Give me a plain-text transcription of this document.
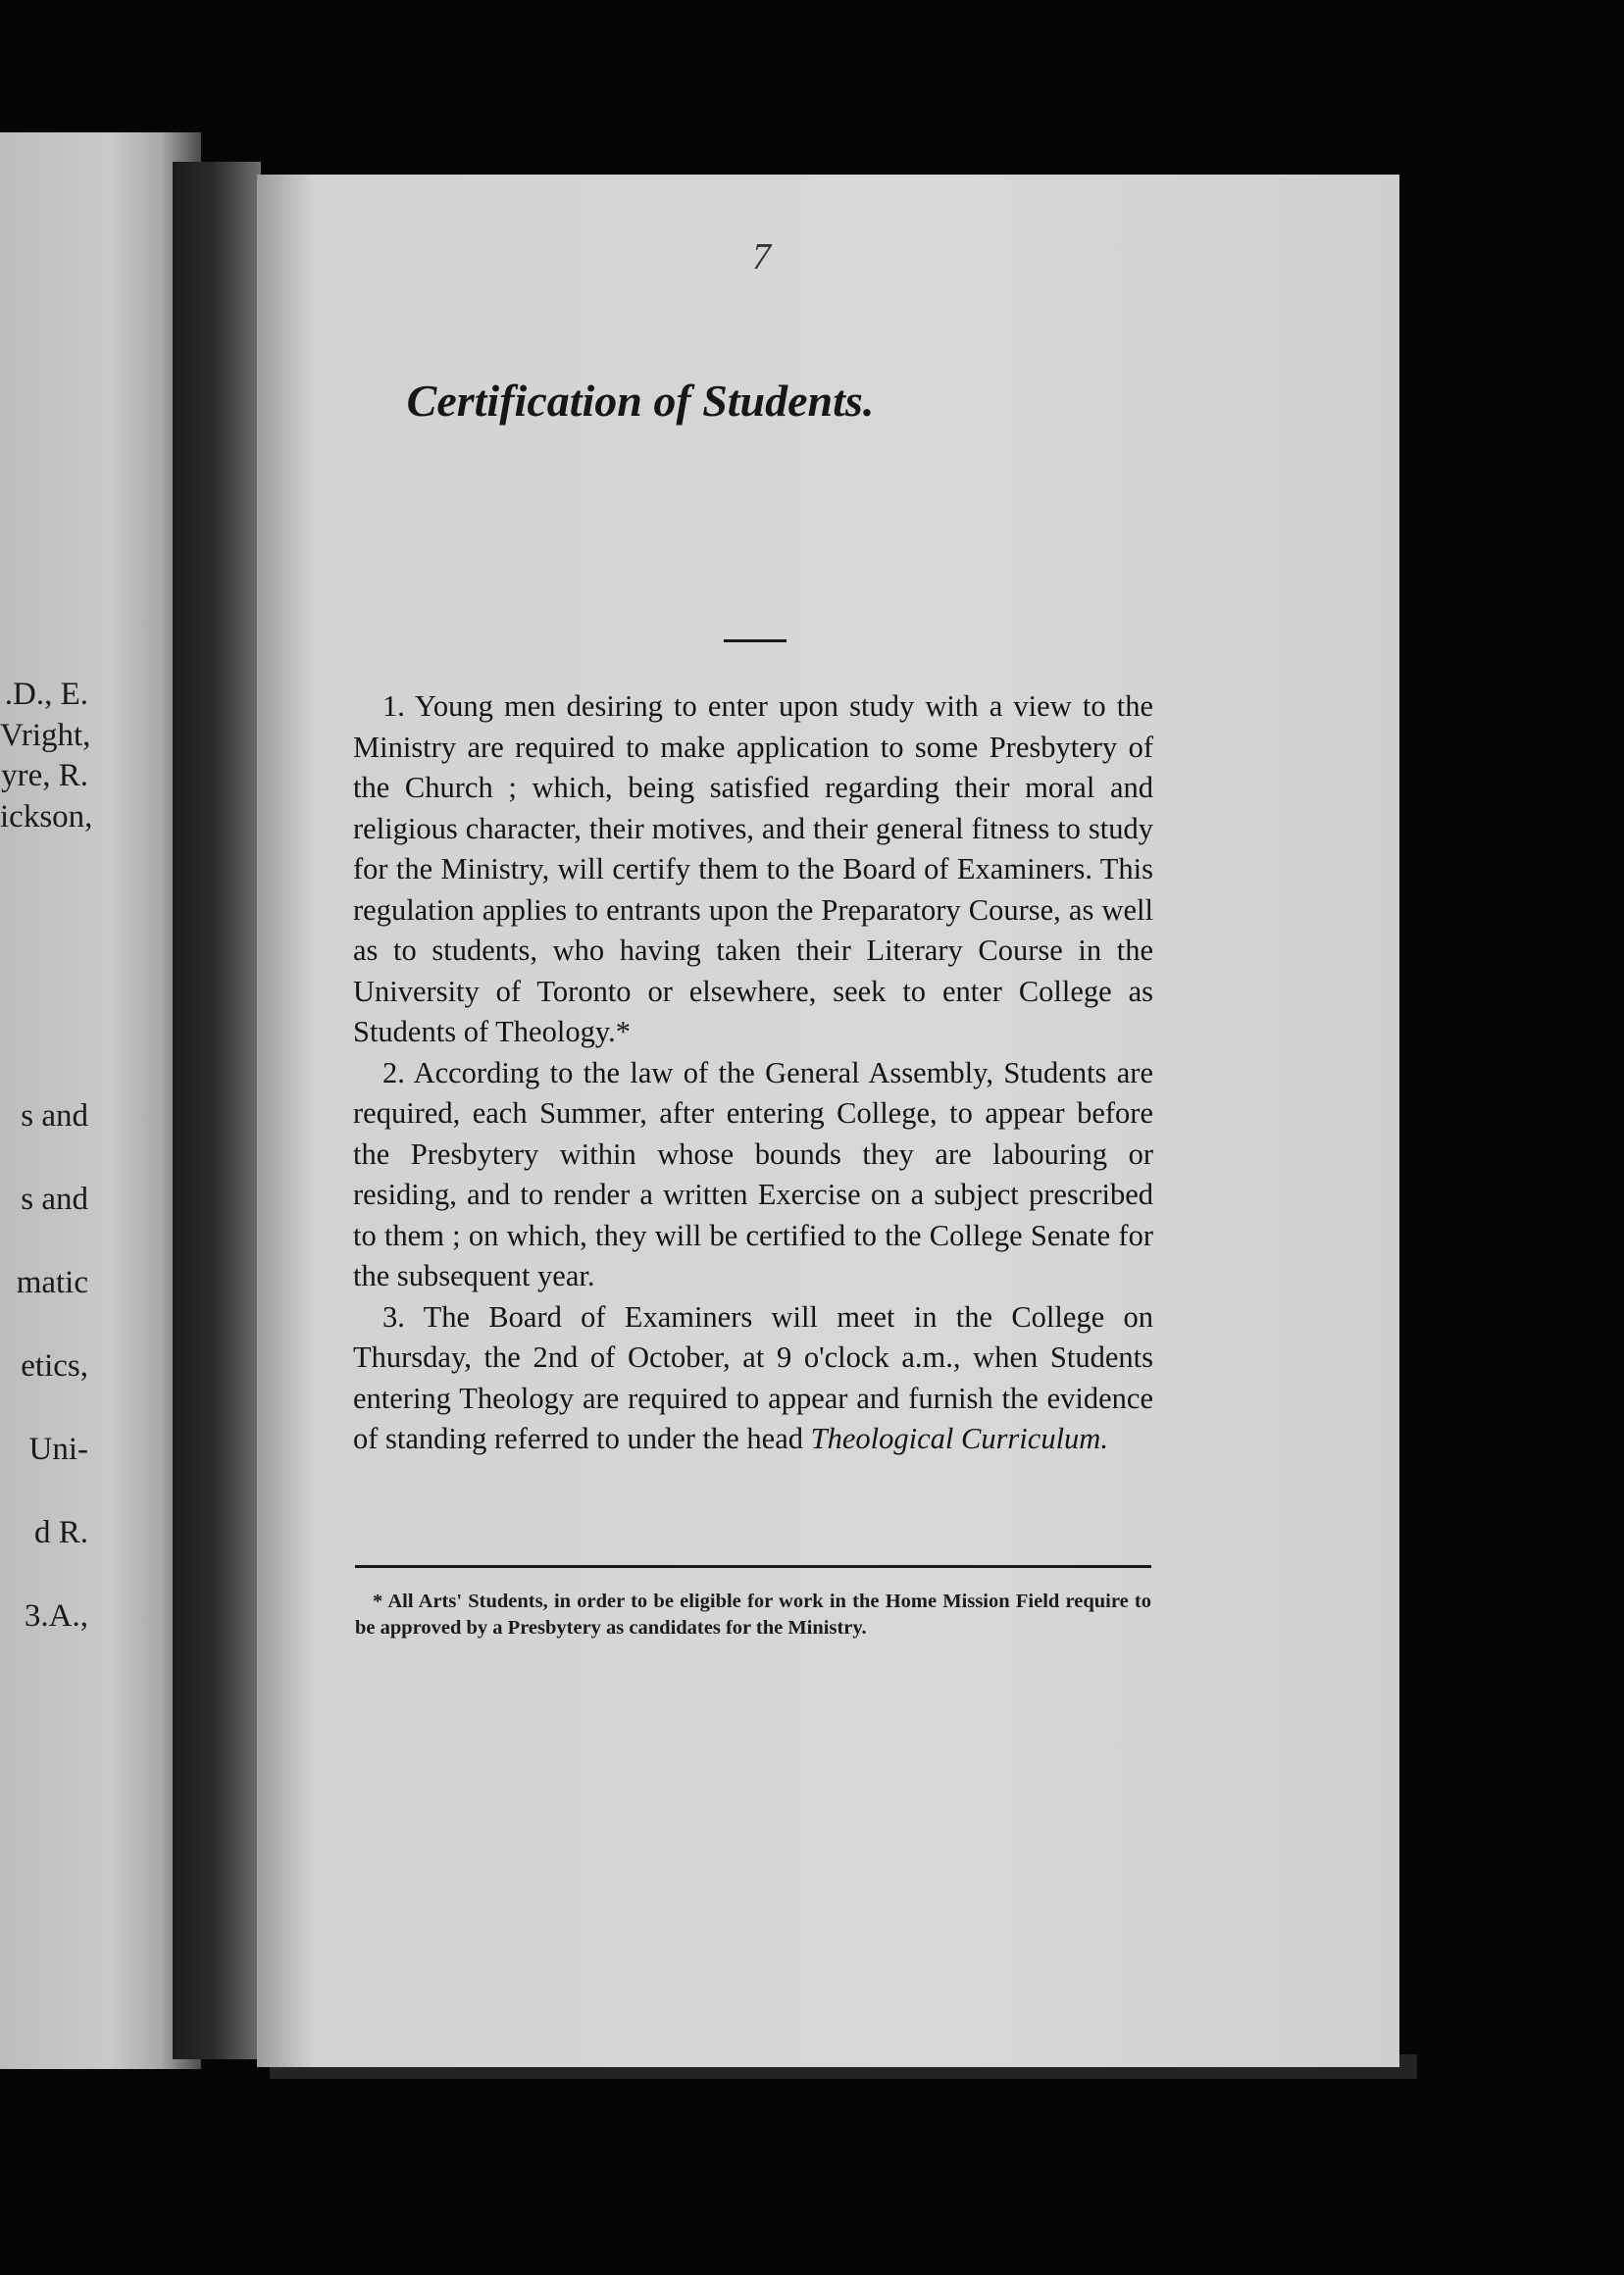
.D., E.
Vright,
yre, R.
ickson,
s and
s and
matic
etics,
Uni-
d R.
3.A.,
7
Certification of Students.

1. Young men desiring to enter upon study with a view to the Ministry are required to make application to some Presbytery of the Church ; which, being satisfied regarding their moral and religious character, their motives, and their general fitness to study for the Ministry, will certify them to the Board of Examiners. This regulation applies to entrants upon the Preparatory Course, as well as to students, who having taken their Literary Course in the University of Toronto or elsewhere, seek to enter College as Students of Theology.*

2. According to the law of the General Assembly, Students are required, each Summer, after entering College, to appear before the Presbytery within whose bounds they are labouring or residing, and to render a written Exercise on a subject prescribed to them ; on which, they will be certified to the College Senate for the subsequent year.

3. The Board of Examiners will meet in the College on Thursday, the 2nd of October, at 9 o'clock a.m., when Students entering Theology are required to appear and furnish the evidence of standing referred to under the head Theological Curriculum.

* All Arts' Students, in order to be eligible for work in the Home Mission Field require to be approved by a Presbytery as candidates for the Ministry.
